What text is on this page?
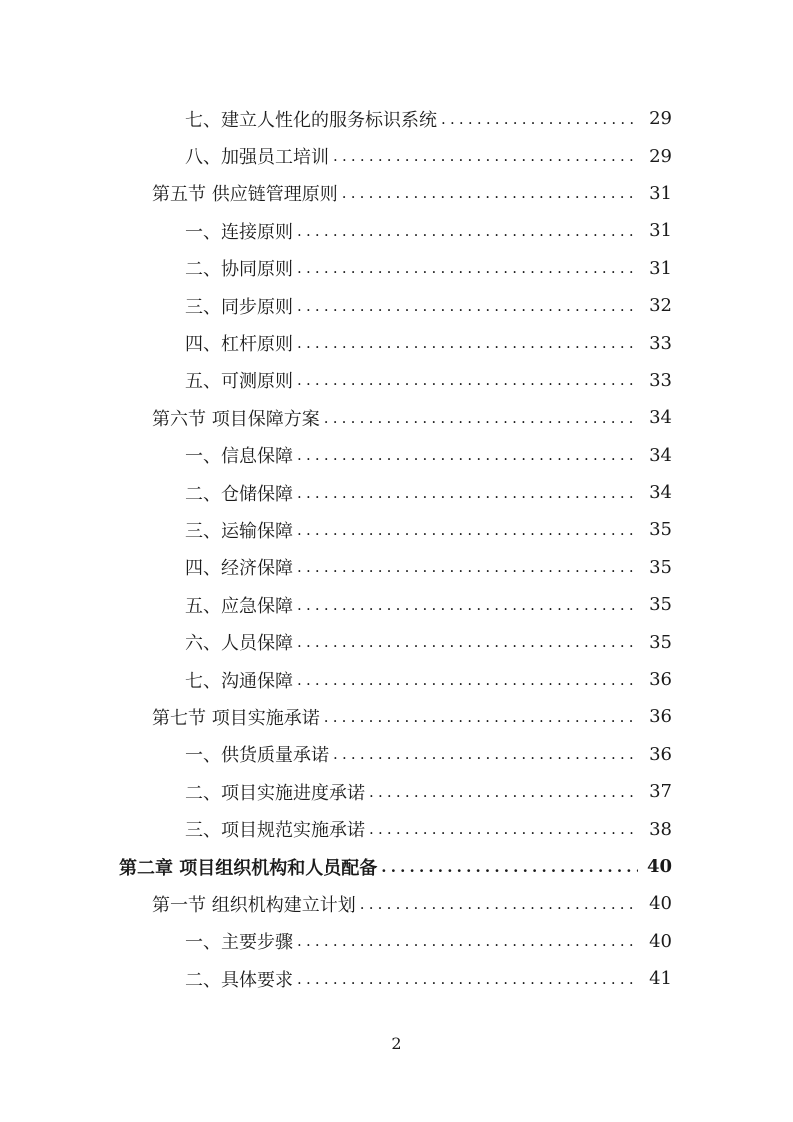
七、建立人性化的服务标识系统 .....	29
八、加强员工培训 .....	29
第五节 供应链管理原则 .....	31
一、连接原则 .....	31
二、协同原则 .....	31
三、同步原则 .....	32
四、杠杆原则 .....	33
五、可测原则 .....	33
第六节 项目保障方案 .....	34
一、信息保障 .....	34
二、仓储保障 .....	34
三、运输保障 .....	35
四、经济保障 .....	35
五、应急保障 .....	35
六、人员保障 .....	35
七、沟通保障 .....	36
第七节 项目实施承诺 .....	36
一、供货质量承诺 .....	36
二、项目实施进度承诺 .....	37
三、项目规范实施承诺 .....	38
第二章 项目组织机构和人员配备 .....	40
第一节 组织机构建立计划 .....	40
一、主要步骤 .....	40
二、具体要求 .....	41
2
